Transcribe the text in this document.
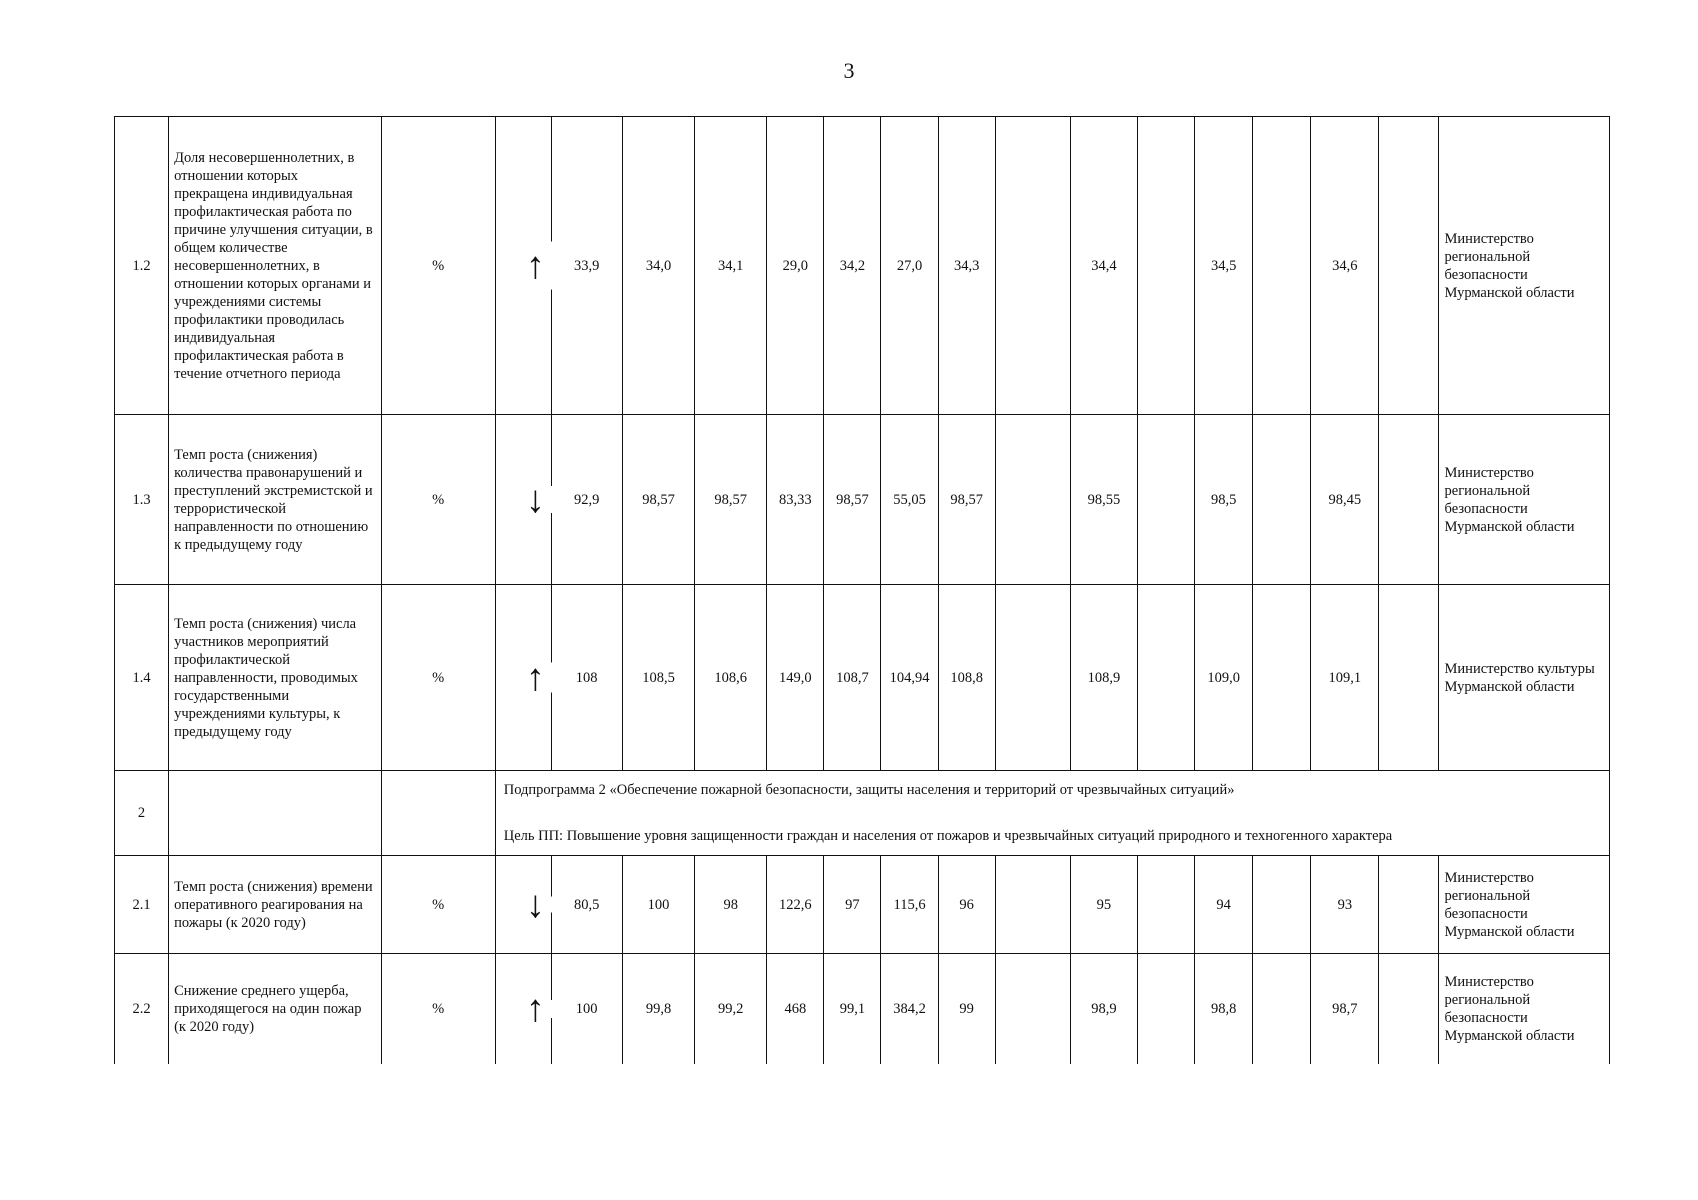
3
1.2	Доля несовершеннолетних, в отношении которых прекращена индивидуальная профилактическая работа по причине улучшения ситуации, в общем количестве несовершеннолетних, в отношении которых органами и учреждениями системы профилактики проводилась индивидуальная профилактическая работа в течение отчетного периода	%	↑	33,9	34,0	34,1	29,0	34,2	27,0	34,3		34,4		34,5		34,6		Министерство региональной безопасности Мурманской области
1.3	Темп роста (снижения) количества правонарушений и преступлений экстремистской и террористической направленности по отношению к предыдущему году	%	↓	92,9	98,57	98,57	83,33	98,57	55,05	98,57		98,55		98,5		98,45		Министерство региональной безопасности Мурманской области
1.4	Темп роста (снижения) числа участников мероприятий профилактической направленности, проводимых государственными учреждениями культуры, к предыдущему году	%	↑	108	108,5	108,6	149,0	108,7	104,94	108,8		108,9		109,0		109,1		Министерство культуры Мурманской области
2			Подпрограмма 2 «Обеспечение пожарной безопасности, защиты населения и территорий от чрезвычайных ситуаций»
Цель ПП: Повышение уровня защищенности граждан и населения от пожаров и чрезвычайных ситуаций природного и техногенного характера															

2.1	Темп роста (снижения) времени оперативного реагирования на пожары (к 2020 году)	%	↓	80,5	100	98	122,6	97	115,6	96		95		94		93		Министерство региональной безопасности Мурманской области
2.2	Снижение среднего ущерба, приходящегося на один пожар (к 2020 году)	%	↑	100	99,8	99,2	468	99,1	384,2	99		98,9		98,8		98,7		Министерство региональной безопасности Мурманской области
